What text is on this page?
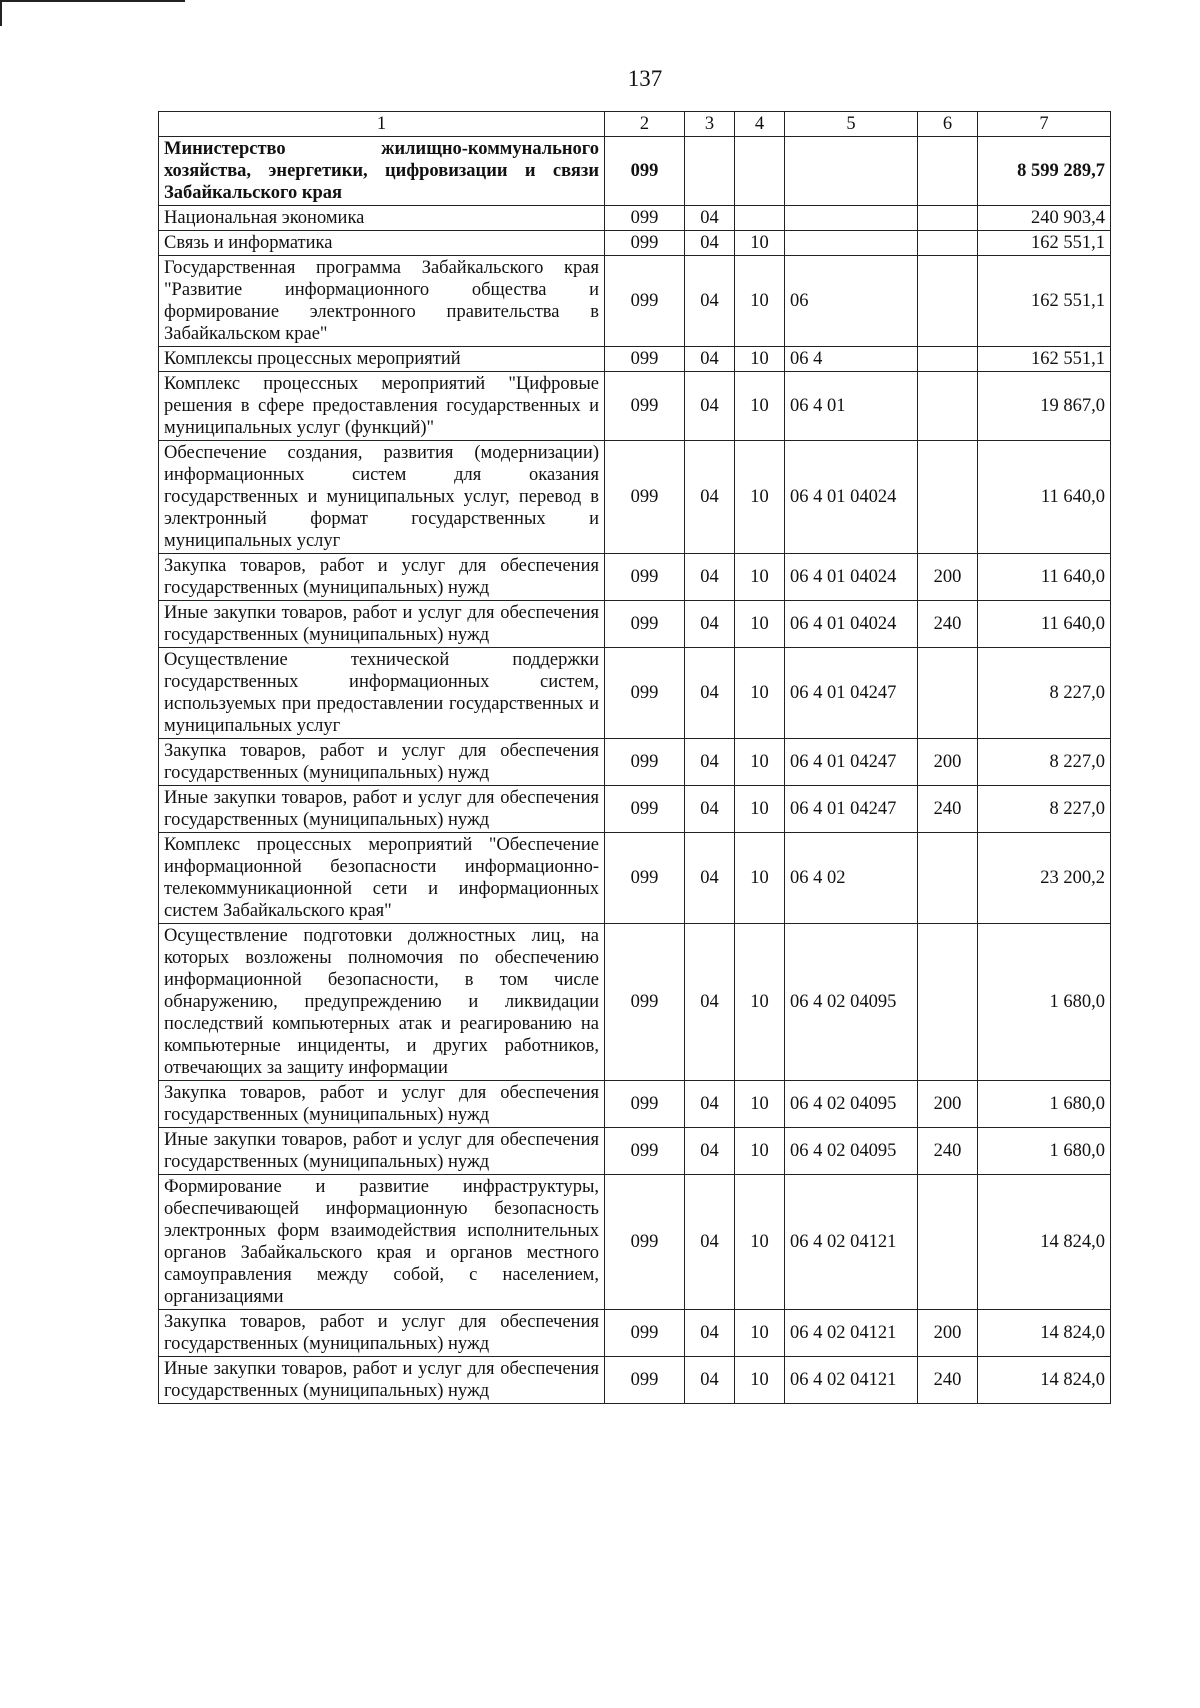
137
1	2	3	4	5	6	7
Министерство жилищно-коммунального хозяйства, энергетики, цифровизации и связи Забайкальского края	099					8 599 289,7
Национальная экономика	099	04				240 903,4
Связь и информатика	099	04	10			162 551,1
Государственная программа Забайкальского края "Развитие информационного общества и формирование электронного правительства в Забайкальском крае"	099	04	10	06		162 551,1
Комплексы процессных мероприятий	099	04	10	06 4		162 551,1
Комплекс процессных мероприятий "Цифровые решения в сфере предоставления государственных и муниципальных услуг (функций)"	099	04	10	06 4 01		19 867,0
Обеспечение создания, развития (модернизации) информационных систем для оказания государственных и муниципальных услуг, перевод в электронный формат государственных и муниципальных услуг	099	04	10	06 4 01 04024		11 640,0
Закупка товаров, работ и услуг для обеспечения государственных (муниципальных) нужд	099	04	10	06 4 01 04024	200	11 640,0
Иные закупки товаров, работ и услуг для обеспечения государственных (муниципальных) нужд	099	04	10	06 4 01 04024	240	11 640,0
Осуществление технической поддержки государственных информационных систем, используемых при предоставлении государственных и муниципальных услуг	099	04	10	06 4 01 04247		8 227,0
Закупка товаров, работ и услуг для обеспечения государственных (муниципальных) нужд	099	04	10	06 4 01 04247	200	8 227,0
Иные закупки товаров, работ и услуг для обеспечения государственных (муниципальных) нужд	099	04	10	06 4 01 04247	240	8 227,0
Комплекс процессных мероприятий "Обеспечение информационной безопасности информационно-телекоммуникационной сети и информационных систем Забайкальского края"	099	04	10	06 4 02		23 200,2
Осуществление подготовки должностных лиц, на которых возложены полномочия по обеспечению информационной безопасности, в том числе обнаружению, предупреждению и ликвидации последствий компьютерных атак и реагированию на компьютерные инциденты, и других работников, отвечающих за защиту информации	099	04	10	06 4 02 04095		1 680,0
Закупка товаров, работ и услуг для обеспечения государственных (муниципальных) нужд	099	04	10	06 4 02 04095	200	1 680,0
Иные закупки товаров, работ и услуг для обеспечения государственных (муниципальных) нужд	099	04	10	06 4 02 04095	240	1 680,0
Формирование и развитие инфраструктуры, обеспечивающей информационную безопасность электронных форм взаимодействия исполнительных органов Забайкальского края и органов местного самоуправления между собой, с населением, организациями	099	04	10	06 4 02 04121		14 824,0
Закупка товаров, работ и услуг для обеспечения государственных (муниципальных) нужд	099	04	10	06 4 02 04121	200	14 824,0
Иные закупки товаров, работ и услуг для обеспечения государственных (муниципальных) нужд	099	04	10	06 4 02 04121	240	14 824,0
